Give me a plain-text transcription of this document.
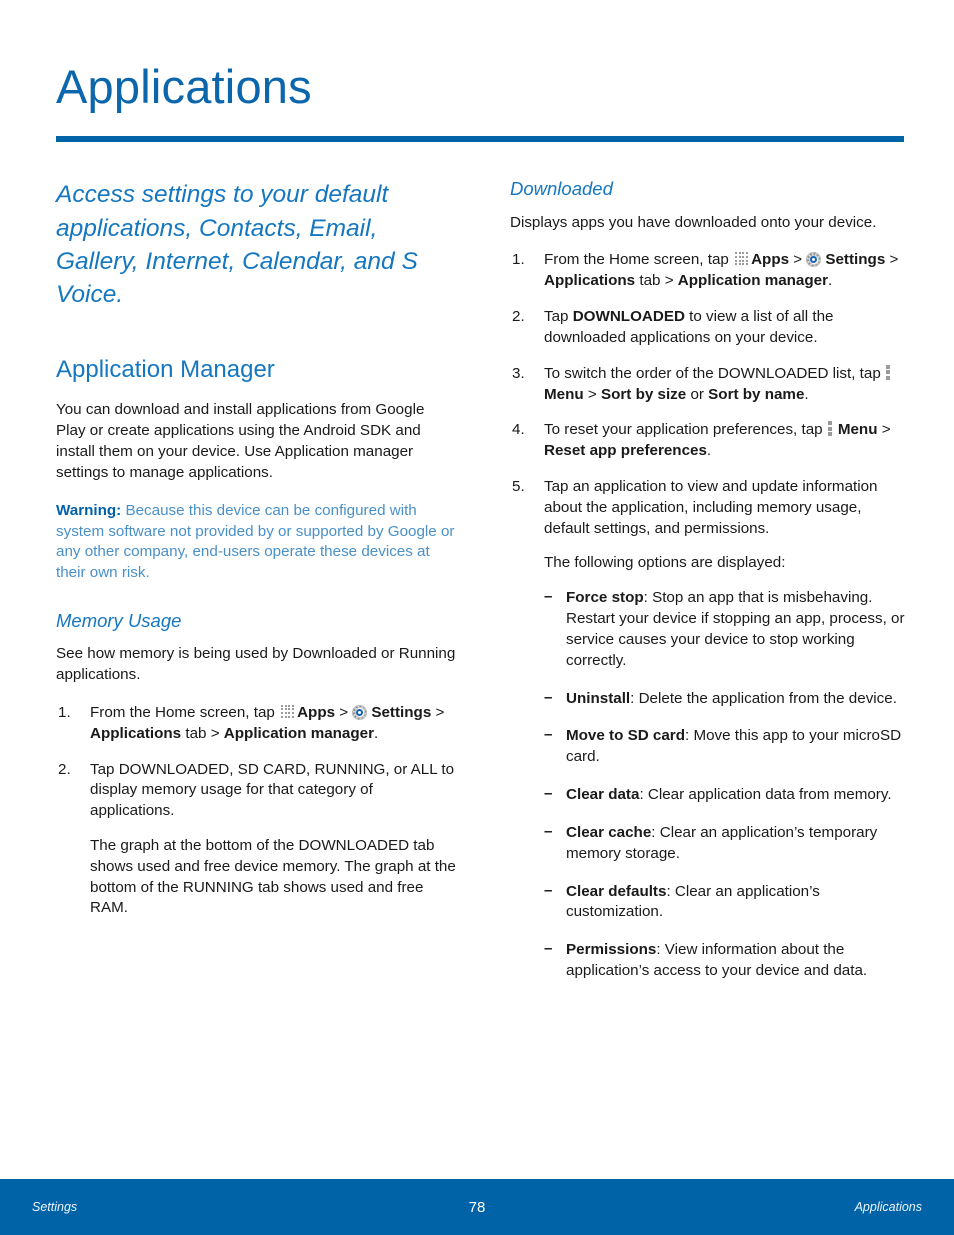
Applications

Access settings to your default applications, Contacts, Email, Gallery, Internet, Calendar, and S Voice.

Application Manager

You can download and install applications from Google Play or create applications using the Android SDK and install them on your device. Use Application manager settings to manage applications.

Warning: Because this device can be configured with system software not provided by or supported by Google or any other company, end-users operate these devices at their own risk.

Memory Usage

See how memory is being used by Downloaded or Running applications.

1.	From the Home screen, tap
Apps >
Settings > Applications tab > Application manager.
2.	Tap DOWNLOADED, SD CARD, RUNNING, or ALL to display memory usage for that category of applications.
The graph at the bottom of the DOWNLOADED tab shows used and free device memory. The graph at the bottom of the RUNNING tab shows used and free RAM.
Downloaded

Displays apps you have downloaded onto your device.

1.	From the Home screen, tap
Apps >
Settings > Applications tab > Application manager.
2.	Tap DOWNLOADED to view a list of all the downloaded applications on your device.
3.	To switch the order of the DOWNLOADED list, tap
Menu > Sort by size or Sort by name.
4.	To reset your application preferences, tap
Menu > Reset app preferences.
5.	Tap an application to view and update information about the application, including memory usage, default settings, and permissions.
The following options are displayed:
– Force stop: Stop an app that is misbehaving. Restart your device if stopping an app, process, or service causes your device to stop working correctly.
– Uninstall: Delete the application from the device.
– Move to SD card: Move this app to your microSD card.
– Clear data: Clear application data from memory.
– Clear cache: Clear an application’s temporary memory storage.
– Clear defaults: Clear an application’s customization.
– Permissions: View information about the application’s access to your device and data.
Settings	78	Applications
